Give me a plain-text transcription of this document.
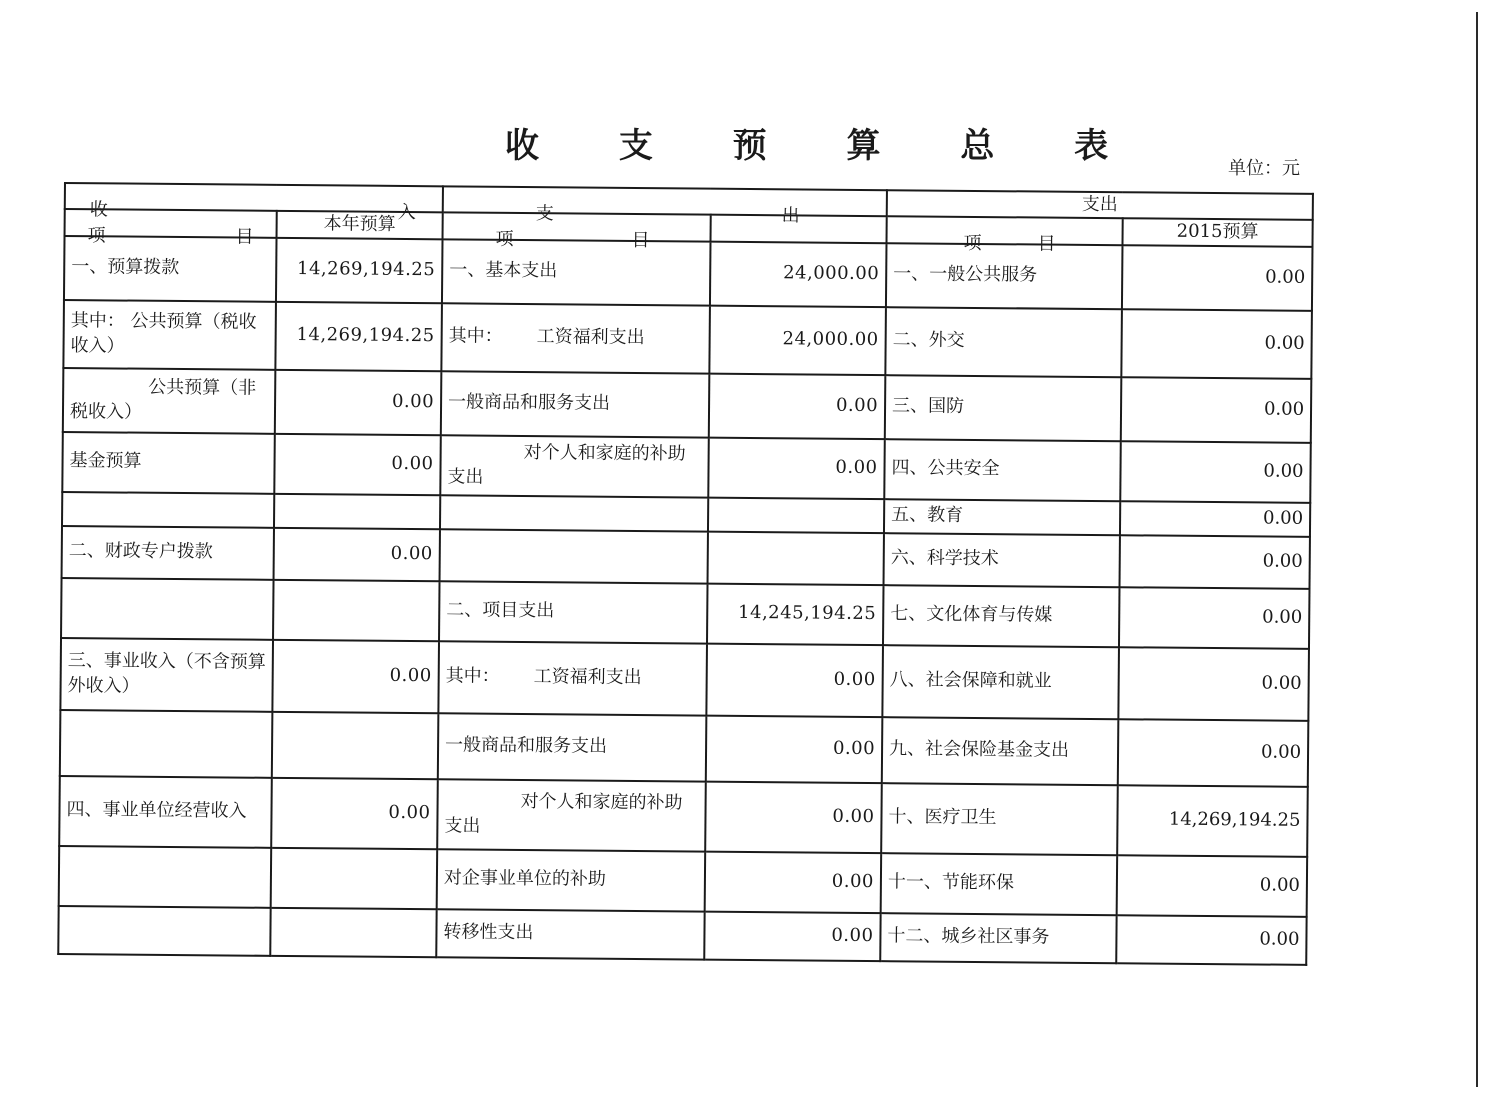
收 支 预 算 总 表
单位：元
收 入		支 出		支出	

项 目	本年预算	项 目		项 目	2015预算
一、预算拨款	14,269,194.25	一、基本支出	24,000.00	一、一般公共服务	0.00
其中： 公共预算（税收收入）	14,269,194.25	其中： 工资福利支出	24,000.00	二、外交	0.00
公共预算（非税收入）	0.00	一般商品和服务支出	0.00	三、国防	0.00
基金预算	0.00	对个人和家庭的补助支出	0.00	四、公共安全	0.00
				五、教育	0.00
二、财政专户拨款	0.00			六、科学技术	0.00
		二、项目支出	14,245,194.25	七、文化体育与传媒	0.00
三、事业收入（不含预算外收入）	0.00	其中： 工资福利支出	0.00	八、社会保障和就业	0.00
		一般商品和服务支出	0.00	九、社会保险基金支出	0.00
四、事业单位经营收入	0.00	对个人和家庭的补助支出	0.00	十、医疗卫生	14,269,194.25
		对企事业单位的补助	0.00	十一、节能环保	0.00
		转移性支出	0.00	十二、城乡社区事务	0.00
